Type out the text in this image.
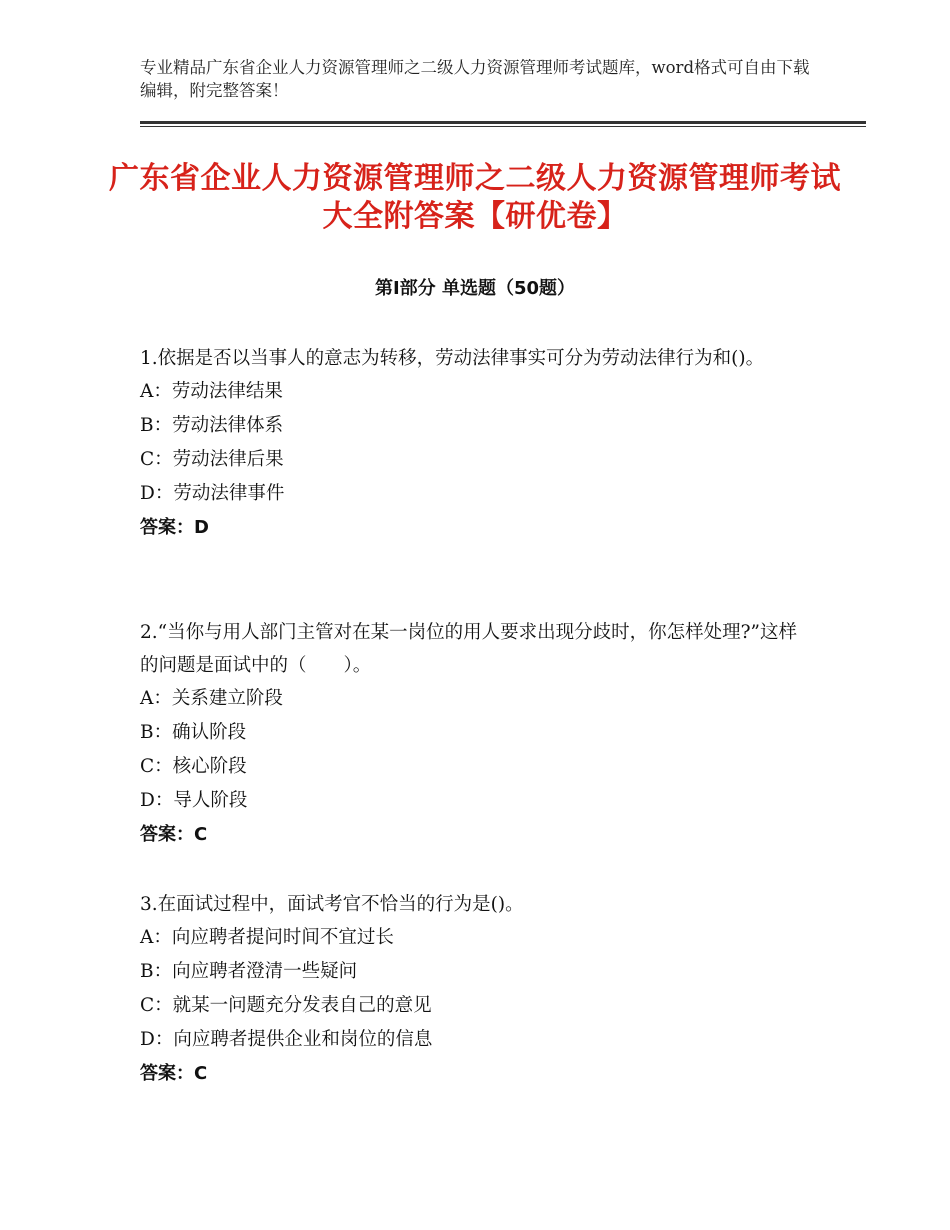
专业精品广东省企业人力资源管理师之二级人力资源管理师考试题库，word格式可自由下载编辑，附完整答案！
广东省企业人力资源管理师之二级人力资源管理师考试大全附答案【研优卷】
第Ⅰ部分 单选题（50题）

1.依据是否以当事人的意志为转移，劳动法律事实可分为劳动法律行为和()。

A：劳动法律结果

B：劳动法律体系

C：劳动法律后果

D：劳动法律事件

答案：D

2.“当你与用人部门主管对在某一岗位的用人要求出现分歧时，你怎样处理?”这样的问题是面试中的（　　）。

A：关系建立阶段

B：确认阶段

C：核心阶段

D：导人阶段

答案：C

3.在面试过程中，面试考官不恰当的行为是()。

A：向应聘者提问时间不宜过长

B：向应聘者澄清一些疑问

C：就某一问题充分发表自己的意见

D：向应聘者提供企业和岗位的信息

答案：C
